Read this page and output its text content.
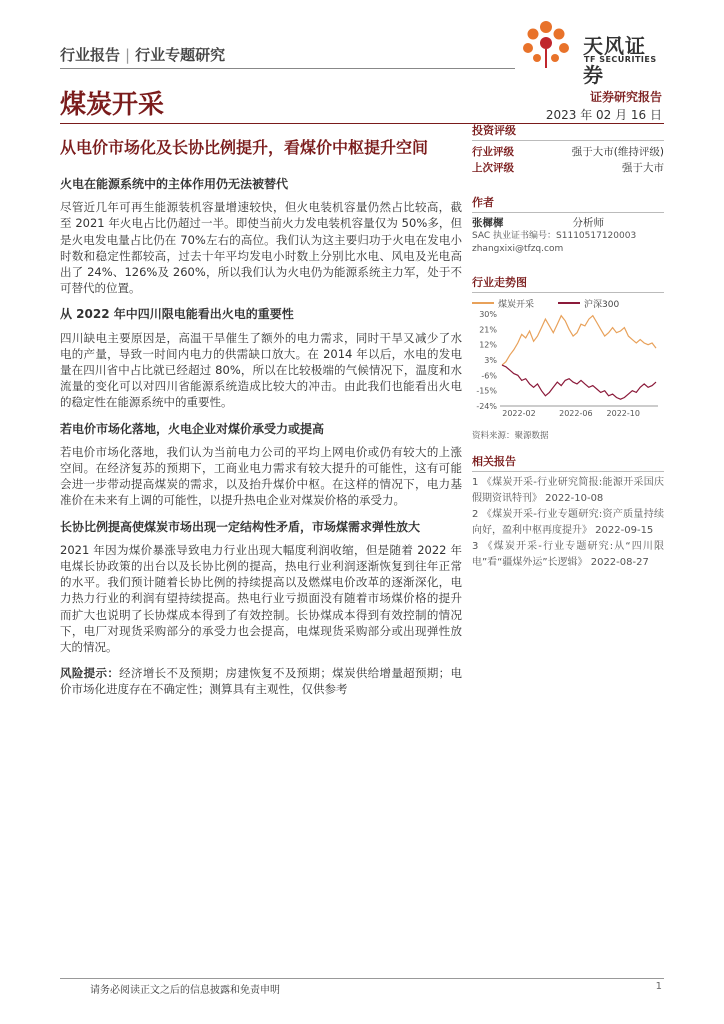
行业报告 | 行业专题研究	天风证券
TF SECURITIES
煤炭开采	证券研究报告
2023 年 02 月 16 日
从电价市场化及长协比例提升，看煤价中枢提升空间
火电在能源系统中的主体作用仍无法被替代

尽管近几年可再生能源装机容量增速较快，但火电装机容量仍然占比较高，截至 2021 年火电占比仍超过一半。即使当前火力发电装机容量仅为 50%多，但是火电发电量占比仍在 70%左右的高位。我们认为这主要归功于火电在发电小时数和稳定性都较高，过去十年平均发电小时数上分别比水电、风电及光电高出了 24%、126%及 260%，所以我们认为火电仍为能源系统主力军，处于不可替代的位置。

从 2022 年中四川限电能看出火电的重要性

四川缺电主要原因是，高温干旱催生了额外的电力需求，同时干旱又减少了水电的产量，导致一时间内电力的供需缺口放大。在 2014 年以后，水电的发电量在四川省中占比就已经超过 80%，所以在比较极端的气候情况下，温度和水流量的变化可以对四川省能源系统造成比较大的冲击。由此我们也能看出火电的稳定性在能源系统中的重要性。

若电价市场化落地，火电企业对煤价承受力或提高

若电价市场化落地，我们认为当前电力公司的平均上网电价或仍有较大的上涨空间。在经济复苏的预期下，工商业电力需求有较大提升的可能性，这有可能会进一步带动提高煤炭的需求，以及抬升煤价中枢。在这样的情况下，电力基准价在未来有上调的可能性，以提升热电企业对煤炭价格的承受力。

长协比例提高使煤炭市场出现一定结构性矛盾，市场煤需求弹性放大

2021 年因为煤价暴涨导致电力行业出现大幅度利润收缩，但是随着 2022 年电煤长协政策的出台以及长协比例的提高，热电行业利润逐渐恢复到往年正常的水平。我们预计随着长协比例的持续提高以及燃煤电价改革的逐渐深化，电力热力行业的利润有望持续提高。热电行业亏损面没有随着市场煤价格的提升而扩大也说明了长协煤成本得到了有效控制。长协煤成本得到有效控制的情况下，电厂对现货采购部分的承受力也会提高，电煤现货采购部分或出现弹性放大的情况。

风险提示：经济增长不及预期；房建恢复不及预期；煤炭供给增量超预期；电价市场化进度存在不确定性；测算具有主观性，仅供参考

投资评级
行业评级	强于大市(维持评级)
上次评级	强于大市
作者
张樨樨	分析师
SAC 执业证书编号：S1110517120003
zhangxixi@tfzq.com
行业走势图
煤炭开采	沪深300
30%
21%
12%
3%
-6%
-15%
-24%
2022-02	2022-06 2022-10
资料来源：聚源数据
相关报告
1 《煤炭开采-行业研究简报:能源开采国庆假期资讯特刊》 2022-10-08
2 《煤炭开采-行业专题研究:资产质量持续向好，盈利中枢再度提升》 2022-09-15
3 《煤炭开采-行业专题研究:从“四川限电”看“疆煤外运”长逻辑》 2022-08-27
请务必阅读正文之后的信息披露和免责申明	1
